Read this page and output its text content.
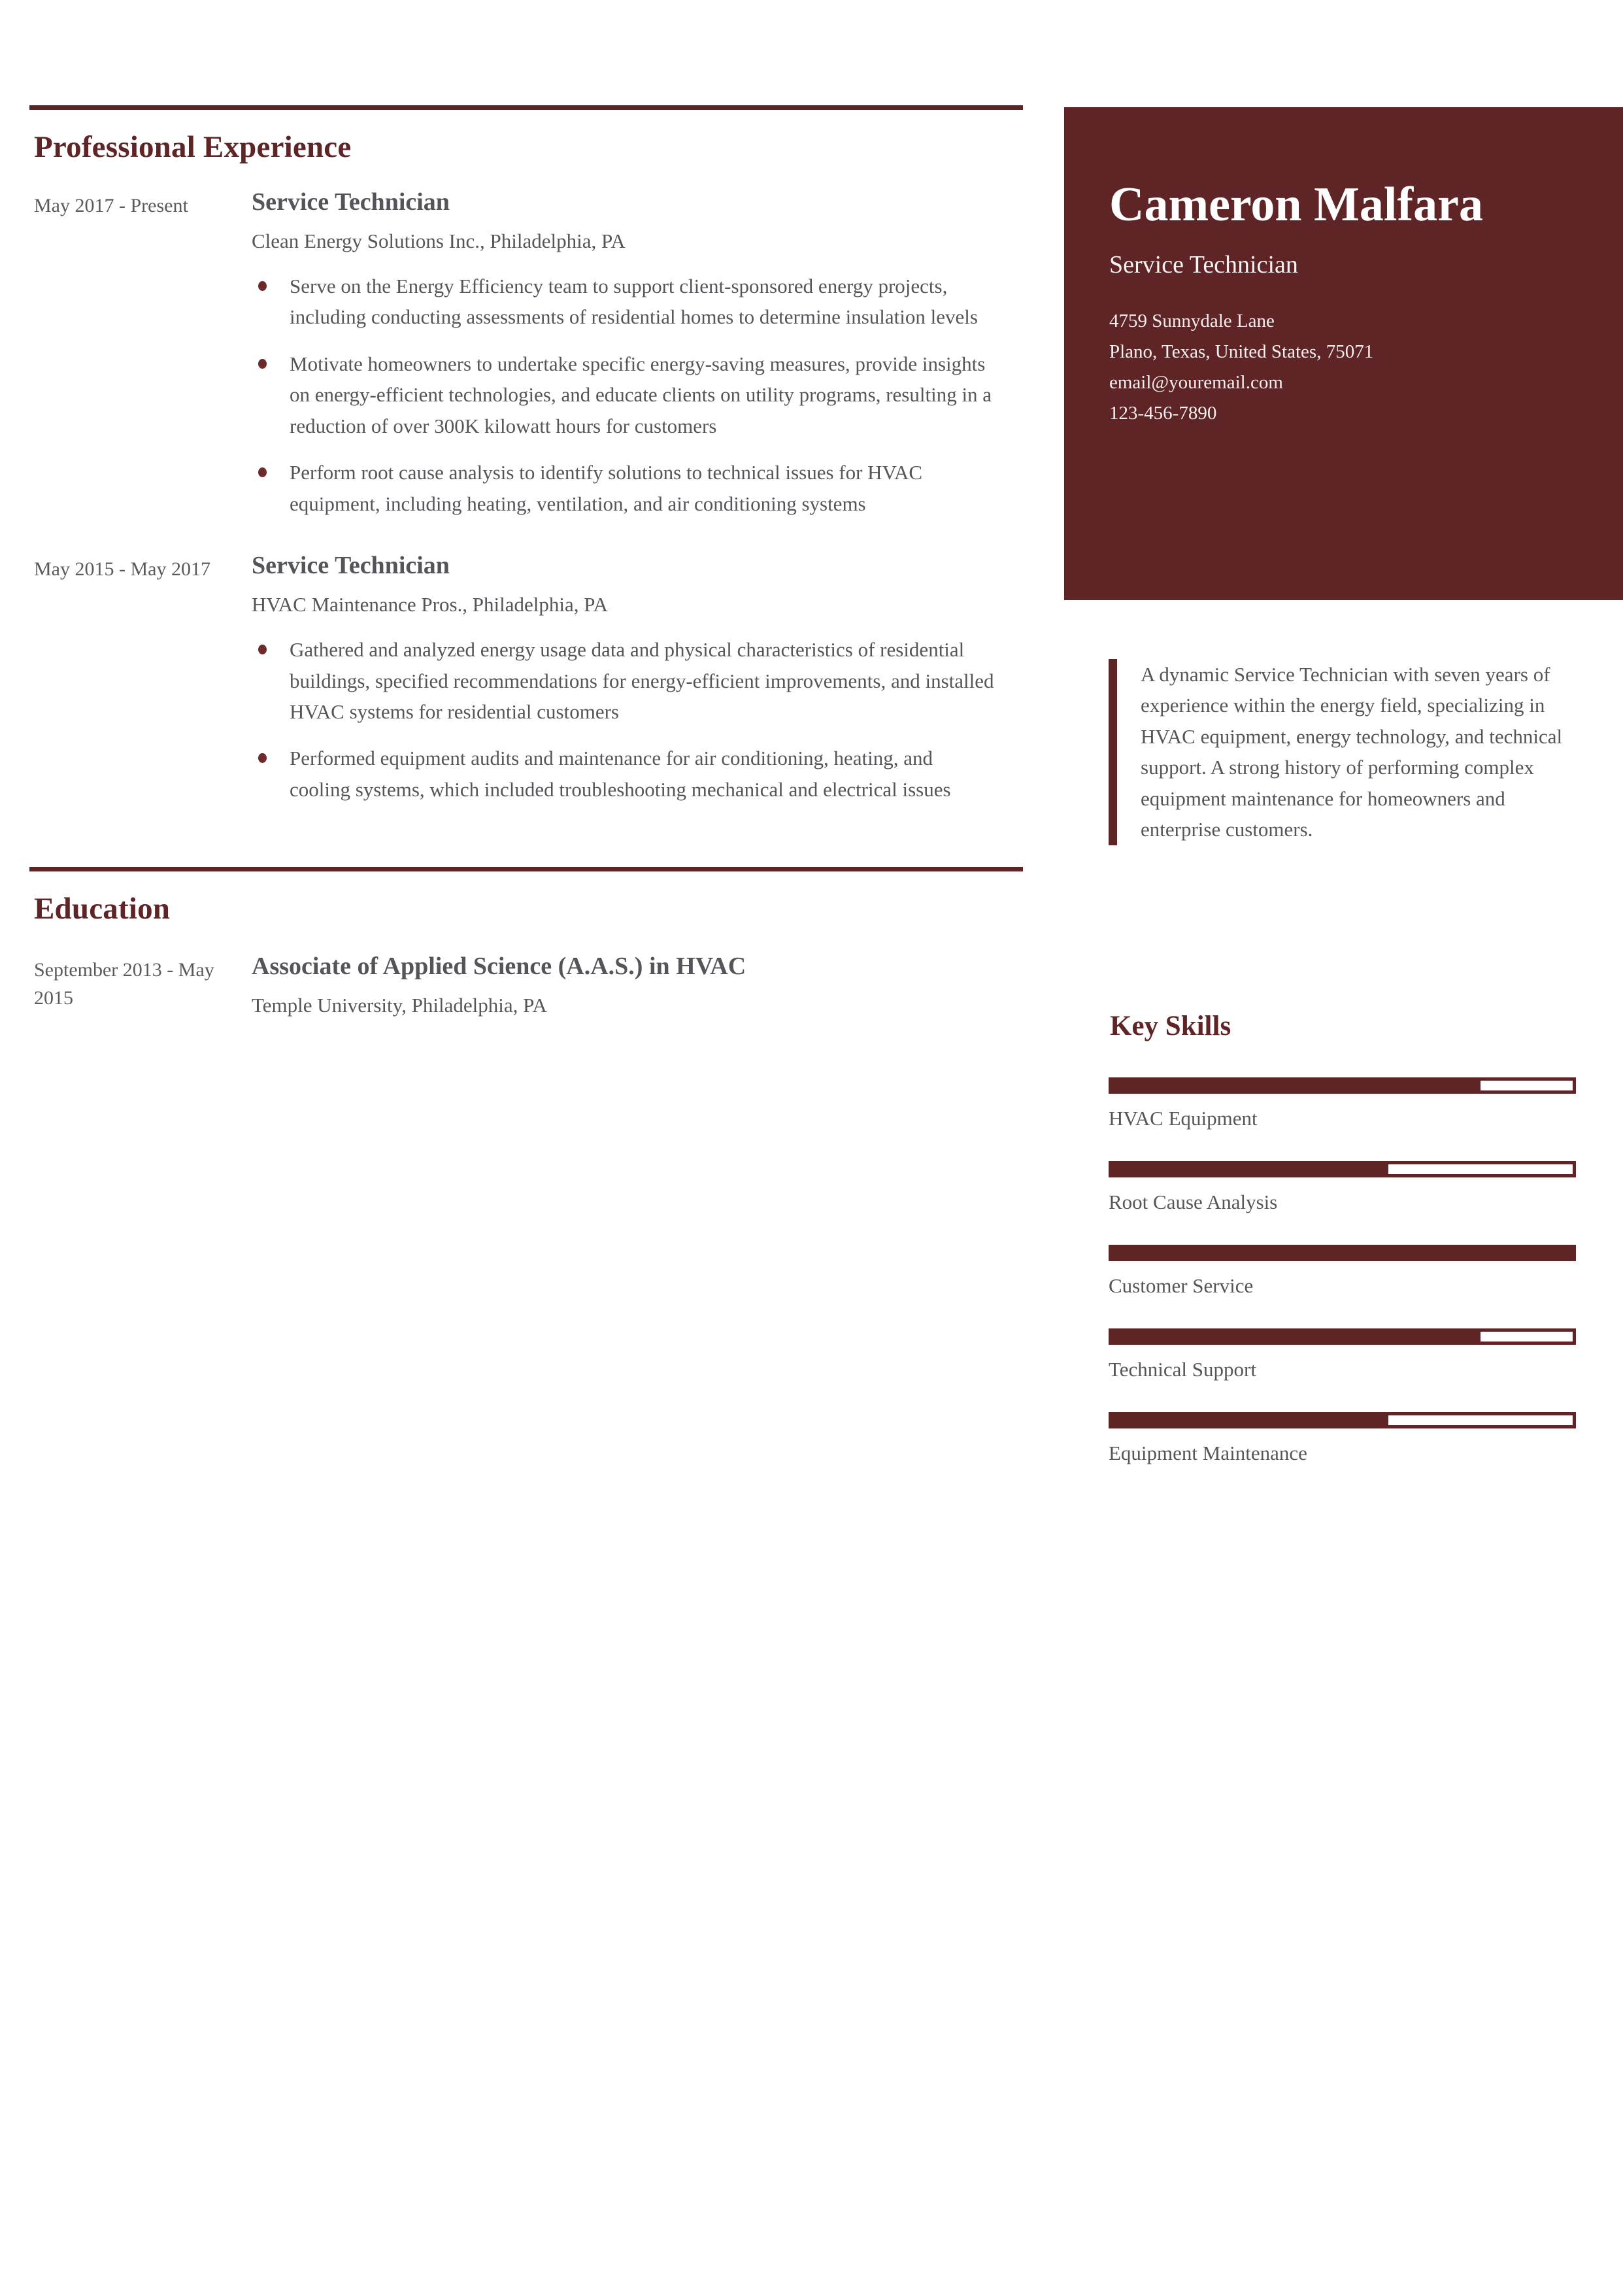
Professional Experience
May 2017 - Present	Service Technician
Clean Energy Solutions Inc., Philadelphia, PA
Serve on the Energy Efficiency team to support client-sponsored energy projects, including conducting assessments of residential homes to determine insulation levels
Motivate homeowners to undertake specific energy-saving measures, provide insights on energy-efficient technologies, and educate clients on utility programs, resulting in a reduction of over 300K kilowatt hours for customers
Perform root cause analysis to identify solutions to technical issues for HVAC equipment, including heating, ventilation, and air conditioning systems
May 2015 - May 2017	Service Technician
HVAC Maintenance Pros., Philadelphia, PA
Gathered and analyzed energy usage data and physical characteristics of residential buildings, specified recommendations for energy-efficient improvements, and installed HVAC systems for residential customers
Performed equipment audits and maintenance for air conditioning, heating, and cooling systems, which included troubleshooting mechanical and electrical issues
Education
September 2013 - May 2015
Associate of Applied Science (A.A.S.) in HVAC
Temple University, Philadelphia, PA
Cameron Malfara
Service Technician
4759 Sunnydale Lane
Plano, Texas, United States, 75071
email@youremail.com
123-456-7890
A dynamic Service Technician with seven years of experience within the energy field, specializing in HVAC equipment, energy technology, and technical support. A strong history of performing complex equipment maintenance for homeowners and enterprise customers.
Key Skills
HVAC Equipment
Root Cause Analysis
Customer Service
Technical Support
Equipment Maintenance
